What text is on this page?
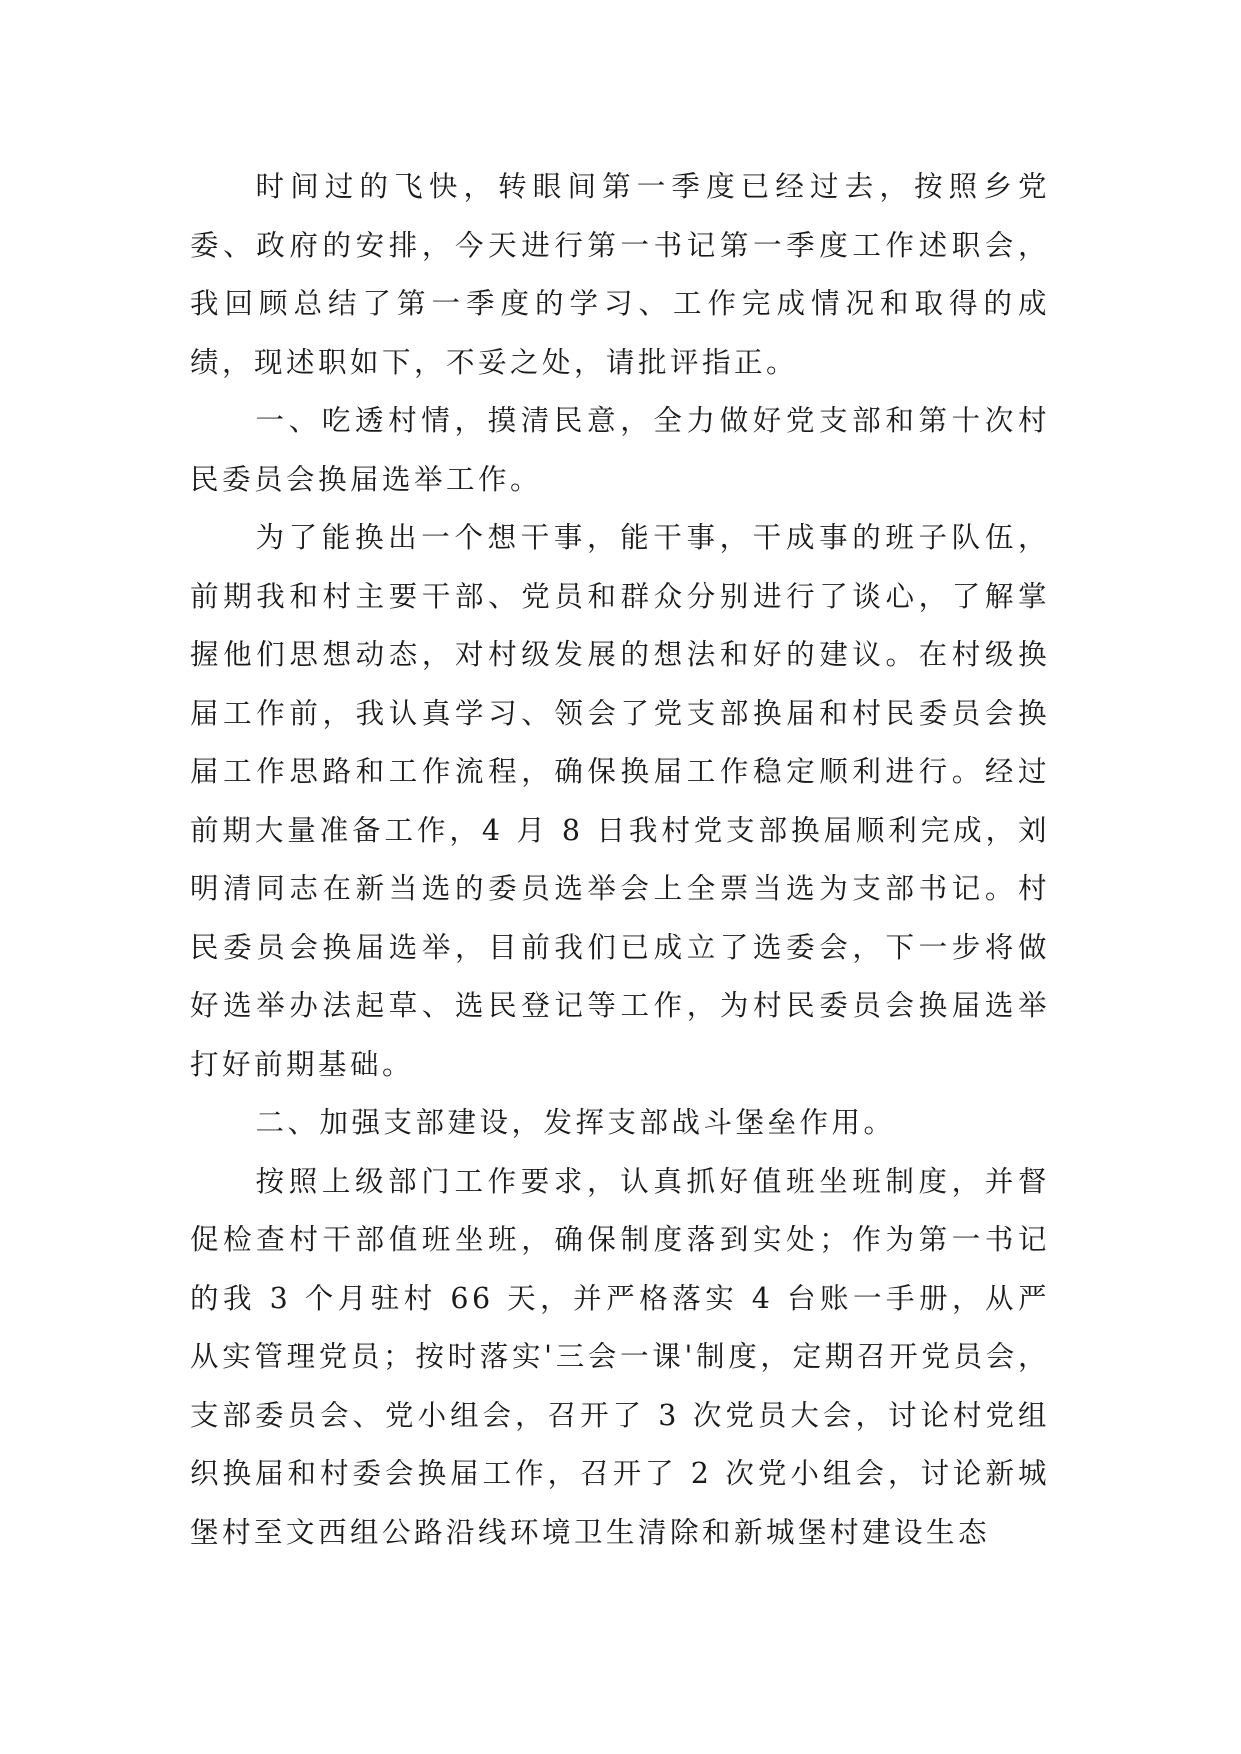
时间过的飞快，转眼间第一季度已经过去，按照乡党委、政府的安排，今天进行第一书记第一季度工作述职会，我回顾总结了第一季度的学习、工作完成情况和取得的成绩，现述职如下，不妥之处，请批评指正。

一、吃透村情，摸清民意，全力做好党支部和第十次村民委员会换届选举工作。

为了能换出一个想干事，能干事，干成事的班子队伍，前期我和村主要干部、党员和群众分别进行了谈心，了解掌握他们思想动态，对村级发展的想法和好的建议。在村级换届工作前，我认真学习、领会了党支部换届和村民委员会换届工作思路和工作流程，确保换届工作稳定顺利进行。经过前期大量准备工作，4 月 8 日我村党支部换届顺利完成，刘明清同志在新当选的委员选举会上全票当选为支部书记。村民委员会换届选举，目前我们已成立了选委会，下一步将做好选举办法起草、选民登记等工作，为村民委员会换届选举打好前期基础。

二、加强支部建设，发挥支部战斗堡垒作用。

按照上级部门工作要求，认真抓好值班坐班制度，并督促检查村干部值班坐班，确保制度落到实处；作为第一书记的我 3 个月驻村 66 天，并严格落实 4 台账一手册，从严从实管理党员；按时落实'三会一课'制度，定期召开党员会，支部委员会、党小组会，召开了 3 次党员大会，讨论村党组织换届和村委会换届工作，召开了 2 次党小组会，讨论新城堡村至文西组公路沿线环境卫生清除和新城堡村建设生态
